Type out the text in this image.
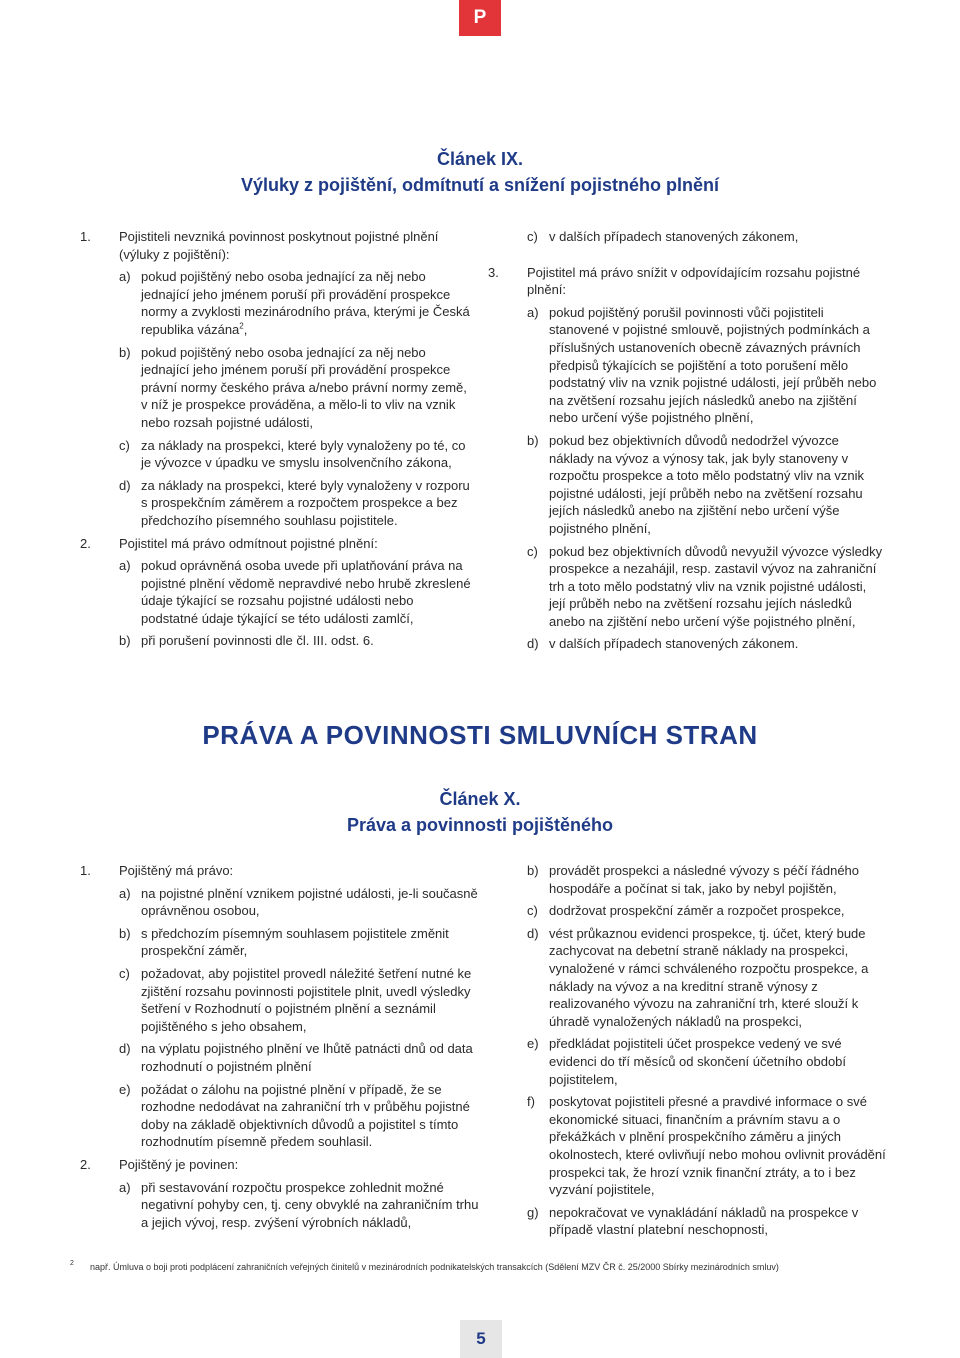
P
Článek IX.
Výluky z pojištění, odmítnutí a snížení pojistného plnění
1. Pojistiteli nevzniká povinnost poskytnout pojistné plnění (výluky z pojištění):
a) pokud pojištěný nebo osoba jednající za něj nebo jednající jeho jménem poruší při provádění prospekce normy a zvyklosti mezinárodního práva, kterými je Česká republika vázána$^2$,
b) pokud pojištěný nebo osoba jednající za něj nebo jednající jeho jménem poruší při provádění prospekce právní normy českého práva a/nebo právní normy země, v níž je prospekce prováděna, a mělo-li to vliv na vznik nebo rozsah pojistné události,
c) za náklady na prospekci, které byly vynaloženy po té, co je vývozce v úpadku ve smyslu insolvenčního zákona,
d) za náklady na prospekci, které byly vynaloženy v rozporu s prospekčním záměrem a rozpočtem prospekce a bez předchozího písemného souhlasu pojistitele.
2. Pojistitel má právo odmítnout pojistné plnění:
a) pokud oprávněná osoba uvede při uplatňování práva na pojistné plnění vědomě nepravdivé nebo hrubě zkreslené údaje týkající se rozsahu pojistné události nebo podstatné údaje týkající se této události zamlčí,
b) při porušení povinnosti dle čl. III. odst. 6.
c) v dalších případech stanovených zákonem,
3. Pojistitel má právo snížit v odpovídajícím rozsahu pojistné plnění:
a) pokud pojištěný porušil povinnosti vůči pojistiteli stanovené v pojistné smlouvě, pojistných podmínkách a příslušných ustanoveních obecně závazných právních předpisů týkajících se pojištění a toto porušení mělo podstatný vliv na vznik pojistné události, její průběh nebo na zvětšení rozsahu jejích následků anebo na zjištění nebo určení výše pojistného plnění,
b) pokud bez objektivních důvodů nedodržel vývozce náklady na vývoz a výnosy tak, jak byly stanoveny v rozpočtu prospekce a toto mělo podstatný vliv na vznik pojistné události, její průběh nebo na zvětšení rozsahu jejích následků anebo na zjištění nebo určení výše pojistného plnění,
c) pokud bez objektivních důvodů nevyužil vývozce výsledky prospekce a nezahájil, resp. zastavil vývoz na zahraniční trh a toto mělo podstatný vliv na vznik pojistné události, její průběh nebo na zvětšení rozsahu jejích následků anebo na zjištění nebo určení výše pojistného plnění,
d) v dalších případech stanovených zákonem.
PRÁVA A POVINNOSTI SMLUVNÍCH STRAN
Článek X.
Práva a povinnosti pojištěného
1. Pojištěný má právo:
a) na pojistné plnění vznikem pojistné události, je-li současně oprávněnou osobou,
b) s předchozím písemným souhlasem pojistitele změnit prospekční záměr,
c) požadovat, aby pojistitel provedl náležité šetření nutné ke zjištění rozsahu povinnosti pojistitele plnit, uvedl výsledky šetření v Rozhodnutí o pojistném plnění a seznámil pojištěného s jeho obsahem,
d) na výplatu pojistného plnění ve lhůtě patnácti dnů od data rozhodnutí o pojistném plnění
e) požádat o zálohu na pojistné plnění v případě, že se rozhodne nedodávat na zahraniční trh v průběhu pojistné doby na základě objektivních důvodů a pojistitel s tímto rozhodnutím písemně předem souhlasil.
2. Pojištěný je povinen:
a) při sestavování rozpočtu prospekce zohlednit možné negativní pohyby cen, tj. ceny obvyklé na zahraničním trhu a jejich vývoj, resp. zvýšení výrobních nákladů,
b) provádět prospekci a následné vývozy s péčí řádného hospodáře a počínat si tak, jako by nebyl pojištěn,
c) dodržovat prospekční záměr a rozpočet prospekce,
d) vést průkaznou evidenci prospekce, tj. účet, který bude zachycovat na debetní straně náklady na prospekci, vynaložené v rámci schváleného rozpočtu prospekce, a náklady na vývoz a na kreditní straně výnosy z realizovaného vývozu na zahraniční trh, které slouží k úhradě vynaložených nákladů na prospekci,
e) předkládat pojistiteli účet prospekce vedený ve své evidenci do tří měsíců od skončení účetního období pojistitelem,
f) poskytovat pojistiteli přesné a pravdivé informace o své ekonomické situaci, finančním a právním stavu a o překážkách v plnění prospekčního záměru a jiných okolnostech, které ovlivňují nebo mohou ovlivnit provádění prospekci tak, že hrozí vznik finanční ztráty, a to i bez vyzvání pojistitele,
g) nepokračovat ve vynakládání nákladů na prospekce v případě vlastní platební neschopnosti,
2	např. Úmluva o boji proti podplácení zahraničních veřejných činitelů v mezinárodních podnikatelských transakcích (Sdělení MZV ČR č. 25/2000 Sbírky mezinárodních smluv)
5
